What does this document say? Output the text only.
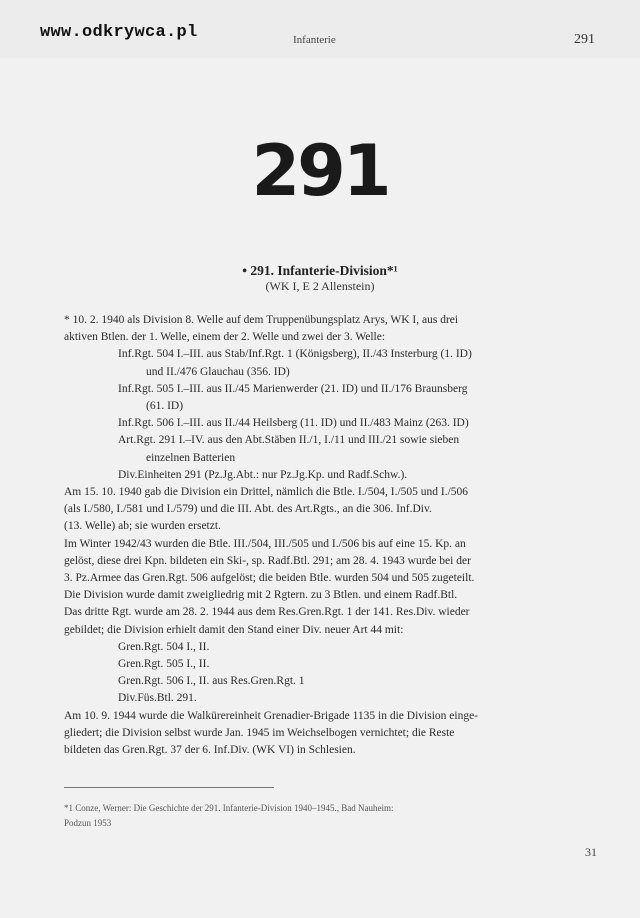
www.odkrywca.pl	Infanterie	291
291
• 291. Infanterie-Division*¹
(WK I, E 2 Allenstein)
* 10. 2. 1940 als Division 8. Welle auf dem Truppenübungsplatz Arys, WK I, aus drei
aktiven Btlen. der 1. Welle, einem der 2. Welle und zwei der 3. Welle:
Inf.Rgt. 504 I.–III. aus Stab/Inf.Rgt. 1 (Königsberg), II./43 Insterburg (1. ID)
und II./476 Glauchau (356. ID)
Inf.Rgt. 505 I.–III. aus II./45 Marienwerder (21. ID) und II./176 Braunsberg
(61. ID)
Inf.Rgt. 506 I.–III. aus II./44 Heilsberg (11. ID) und II./483 Mainz (263. ID)
Art.Rgt. 291 I.–IV. aus den Abt.Stäben II./1, I./11 und III./21 sowie sieben
einzelnen Batterien
Div.Einheiten 291 (Pz.Jg.Abt.: nur Pz.Jg.Kp. und Radf.Schw.).
Am 15. 10. 1940 gab die Division ein Drittel, nämlich die Btle. I./504, I./505 und I./506
(als I./580, I./581 und I./579) und die III. Abt. des Art.Rgts., an die 306. Inf.Div.
(13. Welle) ab; sie wurden ersetzt.
Im Winter 1942/43 wurden die Btle. III./504, III./505 und I./506 bis auf eine 15. Kp. an
gelöst, diese drei Kpn. bildeten ein Ski-, sp. Radf.Btl. 291; am 28. 4. 1943 wurde bei der
3. Pz.Armee das Gren.Rgt. 506 aufgelöst; die beiden Btle. wurden 504 und 505 zugeteilt.
Die Division wurde damit zweigliedrig mit 2 Rgtern. zu 3 Btlen. und einem Radf.Btl.
Das dritte Rgt. wurde am 28. 2. 1944 aus dem Res.Gren.Rgt. 1 der 141. Res.Div. wieder
gebildet; die Division erhielt damit den Stand einer Div. neuer Art 44 mit:
Gren.Rgt. 504 I., II.
Gren.Rgt. 505 I., II.
Gren.Rgt. 506 I., II. aus Res.Gren.Rgt. 1
Div.Füs.Btl. 291.
Am 10. 9. 1944 wurde die Walkürereinheit Grenadier-Brigade 1135 in die Division einge-
gliedert; die Division selbst wurde Jan. 1945 im Weichselbogen vernichtet; die Reste
bildeten das Gren.Rgt. 37 der 6. Inf.Div. (WK VI) in Schlesien.
*1 Conze, Werner: Die Geschichte der 291. Infanterie-Division 1940–1945., Bad Nauheim:
Podzun 1953
31
